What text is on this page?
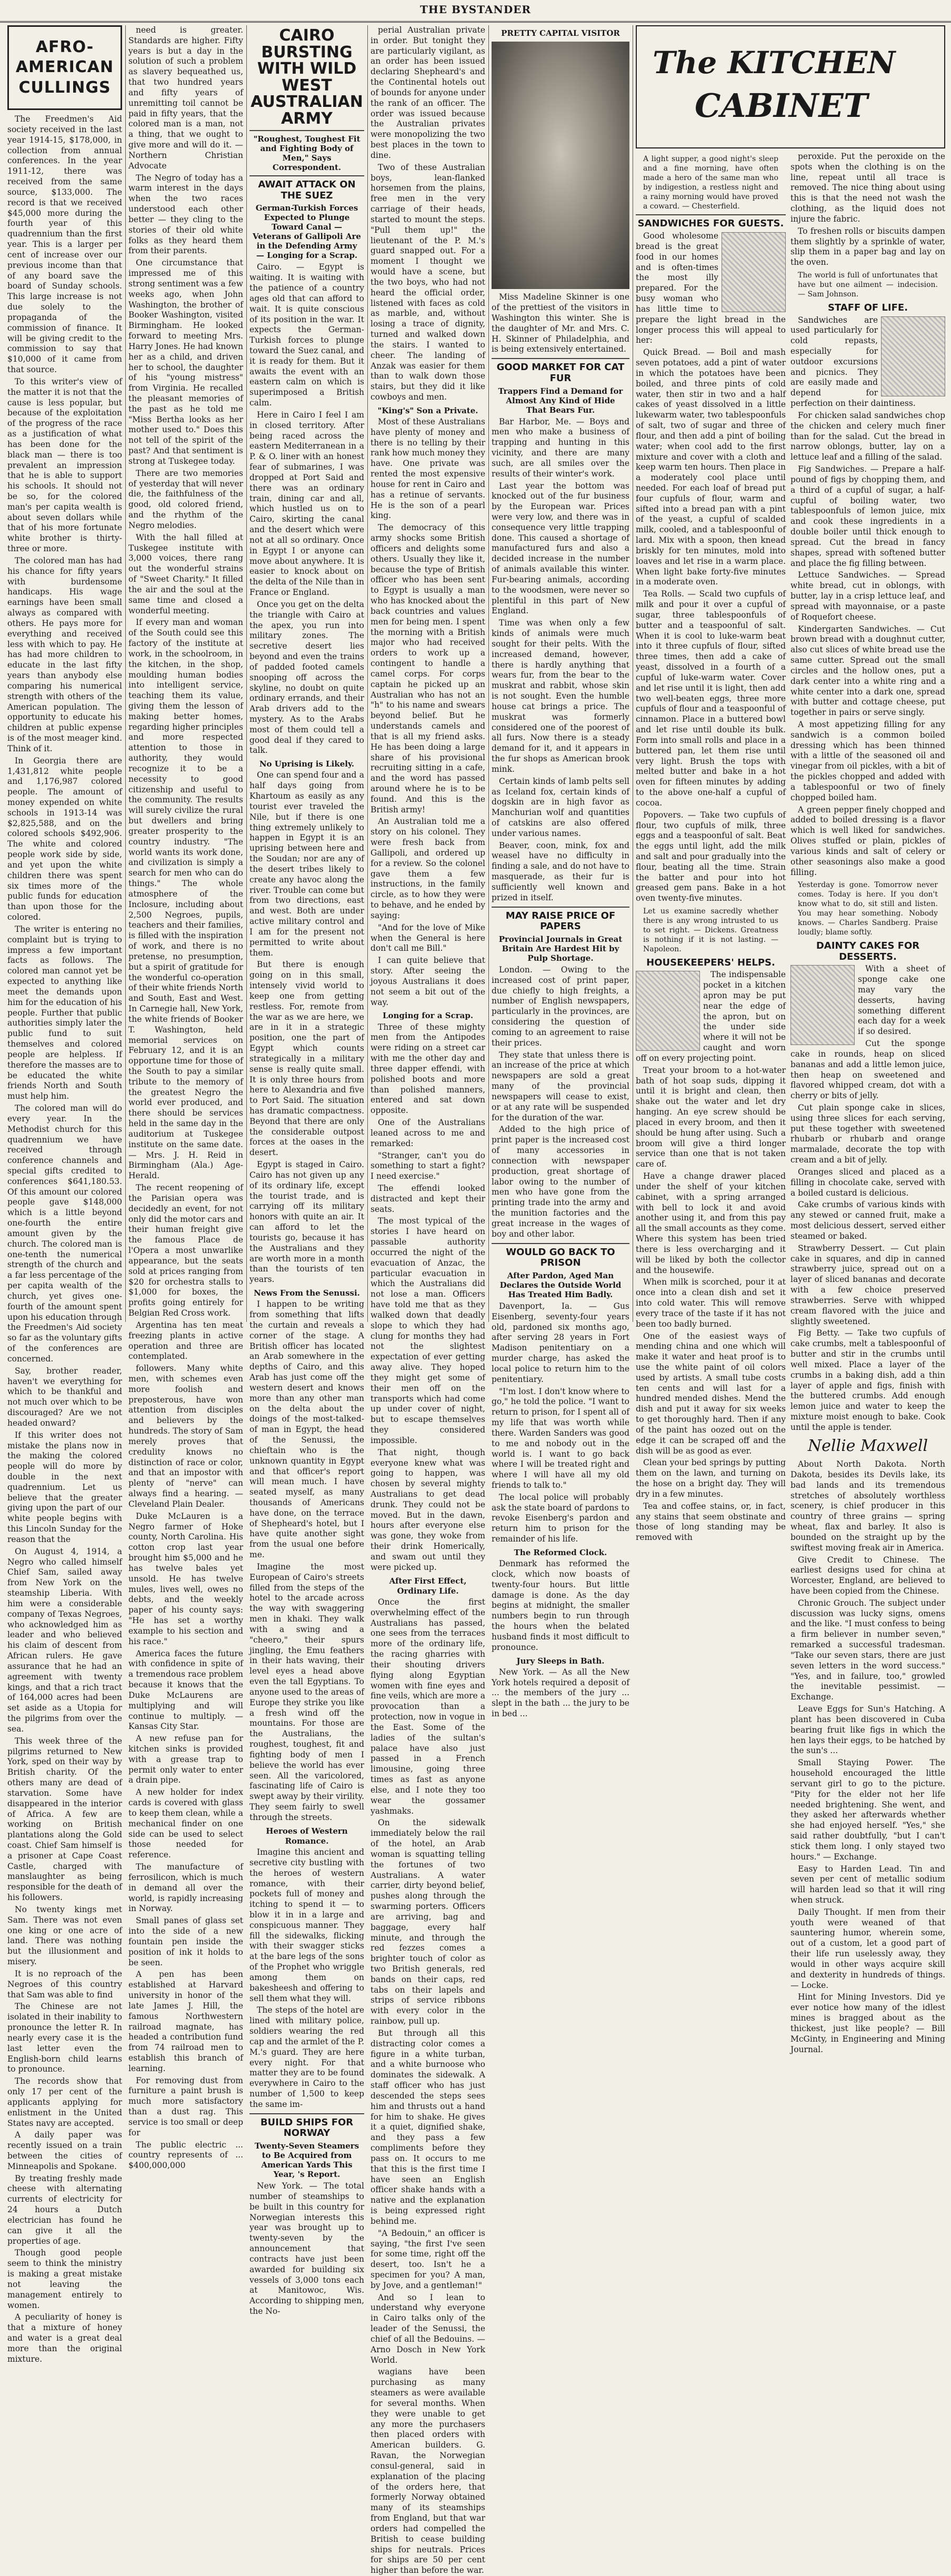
THE BYSTANDER
AFRO-AMERICAN CULLINGS

The Freedmen's Aid society received in the last year 1914-15, $178,000, in collection from annual conferences. In the year 1911-12, there was received from the same source, $133,000. The record is that we received $45,000 more during the fourth year of this quadrennium than the first year. This is a larger per cent of increase over our previous income than that of any board save the board of Sunday schools. This large increase is not due solely to the propaganda of the commission of finance. It will be giving credit to the commission to say that $10,000 of it came from that source.

To this writer's view of the matter it is not that the cause is less popular, but because of the exploitation of the progress of the race as a justification of what has been done for the black man — there is too prevalent an impression that he is able to support his schools. It should not be so, for the colored man's per capita wealth is about seven dollars while that of his more fortunate white brother is thirty-three or more.

The colored man has had his chance for fifty years with burdensome handicaps. His wage earnings have been small always as compared with others. He pays more for everything and received less with which to pay. He has had more children to educate in the last fifty years than anybody else comparing his numerical strength with others of the American population. The opportunity to educate his children at public expense is of the most meager kind. Think of it.

In Georgia there are 1,431,812 white people and 1,176,987 colored people. The amount of money expended on white schools in 1913-14 was $2,825,588, and on the colored schools $492,906. The white and colored people work side by side, and yet upon the white children there was spent six times more of the public funds for education than upon those for the colored.

The writer is entering no complaint but is trying to impress a few important facts as follows. The colored man cannot yet be expected to anything like meet the demands upon him for the education of his people. Further that public authorities simply later the public fund to suit themselves and colored people are helpless. If therefore the masses are to be educated the white friends North and South must help him.

The colored man will do every year. In the Methodist church for this quadrennium we have received through conference channels and special gifts credited to conferences $641,180.53. Of this amount our colored people gave $148,000 which is a little beyond one-fourth the entire amount given by the church. The colored man is one-tenth the numerical strength of the church and a far less percentage of the per capita wealth of the church, yet gives one-fourth of the amount spent upon his education through the Freedmen's Aid society so far as the voluntary gifts of the conferences are concerned.

Say, brother reader, haven't we everything for which to be thankful and not much over which to be discouraged? Are we not headed onward?

If this writer does not mistake the plans now in the making the colored people will do more by double in the next quadrennium. Let us believe that the greater giving upon the part of our white people begins with this Lincoln Sunday for the reason that the

On August 4, 1914, a Negro who called himself Chief Sam, sailed away from New York on the steamship Liberia. With him were a considerable company of Texas Negroes, who acknowledged him as leader and who believed his claim of descent from African rulers. He gave assurance that he had an agreement with twenty kings, and that a rich tract of 164,000 acres had been set aside as a Utopia for the pilgrims from over the sea.

This week three of the pilgrims returned to New York, sped on their way by British charity. Of the others many are dead of starvation. Some have disappeared in the interior of Africa. A few are working on British plantations along the Gold coast. Chief Sam himself is a prisoner at Cape Coast Castle, charged with manslaughter as being responsible for the death of his followers.

No twenty kings met Sam. There was not even one king or one acre of land. There was nothing but the illusionment and misery.

It is no reproach of the Negroes of this country that Sam was able to find

The Chinese are not isolated in their inability to pronounce the letter R. In nearly every case it is the last letter even the English-born child learns to pronounce.

The records show that only 17 per cent of the applicants applying for enlistment in the United States navy are accepted.

A daily paper was recently issued on a train between the cities of Minneapolis and Spokane.

By treating freshly made cheese with alternating currents of electricity for 24 hours a Dutch electrician has found he can give it all the properties of age.

Though good people seem to think the ministry is making a great mistake not leaving the management entirely to women.

A peculiarity of honey is that a mixture of honey and water is a great deal more than the original mixture.

need is greater. Standards are higher. Fifty years is but a day in the solution of such a problem as slavery bequeathed us, that two hundred years and fifty years of unremitting toil cannot be paid in fifty years, that the colored man is a man, not a thing, that we ought to give more and will do it. — Northern Christian Advocate

The Negro of today has a warm interest in the days when the two races understood each other better — they cling to the stories of their old white folks as they heard them from their parents.

One circumstance that impressed me of this strong sentiment was a few weeks ago, when John Washington, the brother of Booker Washington, visited Birmingham. He looked forward to meeting Mrs. Harry Jones. He had known her as a child, and driven her to school, the daughter of his "young mistress" from Virginia. He recalled the pleasant memories of the past as he told me "Miss Bertha looks as her mother used to." Does this not tell of the spirit of the past? And that sentiment is strong at Tuskegee today.

There are two memories of yesterday that will never die, the faithfulness of the good, old colored friend, and the rhythm of the Negro melodies.

With the hall filled at Tuskegee institute with 3,000 voices, there rang out the wonderful strains of "Sweet Charity." It filled the air and the soul at the same time and closed a wonderful meeting.

If every man and woman of the South could see this factory of the institute at work, in the schoolroom, in the kitchen, in the shop, moulding human bodies into intelligent service, teaching them its value, giving them the lesson of making better homes, regarding higher principles and more respected attention to those in authority, they would recognize it to be a necessity to good citizenship and useful to the community. The results will surely civilize the rural but dwellers and bring greater prosperity to the country industry. "The world wants its work done, and civilization is simply a search for men who can do things." The whole atmosphere of the Inclosure, including about 2,500 Negroes, pupils, teachers and their families, is filled with the inspiration of work, and there is no pretense, no presumption, but a spirit of gratitude for the wonderful co-operation of their white friends North and South, East and West. In Carnegie hall, New York, the white friends of Booker T. Washington, held memorial services on February 12, and it is an opportune time for those of the South to pay a similar tribute to the memory of the greatest Negro the world ever produced, and there should be services held in the same day in the auditorium at Tuskegee institute on the same date. — Mrs. J. H. Reid in Birmingham (Ala.) Age-Herald.

The recent reopening of the Parisian opera was decidedly an event, for not only did the motor cars and their human freight give the famous Place de l'Opera a most unwarlike appearance, but the seats sold at prices ranging from $20 for orchestra stalls to $1,000 for boxes, the profits going entirely for Belgian Red Cross work.

Argentina has ten meat freezing plants in active operation and three are contemplated.

followers. Many white men, with schemes even more foolish and preposterous, have won attention from disciples and believers by the hundreds. The story of Sam merely proves that credulity knows no distinction of race or color, and that an impostor with plenty of "nerve" can always find a hearing. — Cleveland Plain Dealer.

Duke McLauren is a Negro farmer of Hoke county, North Carolina. His cotton crop last year brought him $5,000 and he has twelve bales yet unsold. He has twelve mules, lives well, owes no debts, and the weekly paper of his county says: "He has set a worthy example to his section and his race."

America faces the future with confidence in spite of a tremendous race problem because it knows that the Duke McLaurens are multiplying and will continue to multiply. — Kansas City Star.

A new refuse pan for kitchen sinks is provided with a grease trap to permit only water to enter a drain pipe.

A new holder for index cards is covered with glass to keep them clean, while a mechanical finder on one side can be used to select those needed for reference.

The manufacture of ferrosilicon, which is much in demand all over the world, is rapidly increasing in Norway.

Small panes of glass set into the side of a new fountain pen inside the position of ink it holds to be seen.

A pen has been established at Harvard university in honor of the late James J. Hill, the famous Northwestern railroad magnate, has headed a contribution fund from 74 railroad men to establish this branch of learning.

For removing dust from furniture a paint brush is much more satisfactory than a dust rag. This service is too small or deep for

The public electric ... country represents of ... $400,000,000

CAIRO BURSTING WITH WILD WEST AUSTRALIAN ARMY
"Roughest, Toughest Fit and Fighting Body of Men," Says Correspondent.
AWAIT ATTACK ON THE SUEZ
German-Turkish Forces Expected to Plunge Toward Canal — Veterans of Gallipoli Are in the Defending Army — Longing for a Scrap.

Cairo. — Egypt is waiting. It is waiting with the patience of a country ages old that can afford to wait. It is quite conscious of its position in the war. It expects the German-Turkish forces to plunge toward the Suez canal, and it is ready for them. But it awaits the event with an eastern calm on which is superimposed a British calm.

Here in Cairo I feel I am in closed territory. After being raced across the eastern Mediterranean in a P. & O. liner with an honest fear of submarines, I was dropped at Port Said and there was an ordinary train, dining car and all, which hustled us on to Cairo, skirting the canal and the desert which were not at all so ordinary. Once in Egypt I or anyone can move about anywhere. It is easier to knock about on the delta of the Nile than in France or England.

Once you get on the delta the triangle with Cairo at the apex, you run into military zones. The secretive desert lies beyond and even the trains of padded footed camels snooping off across the skyline, no doubt on quite ordinary errands, and their Arab drivers add to the mystery. As to the Arabs most of them could tell a good deal if they cared to talk.

No Uprising is Likely.

One can spend four and a half days going from Khartoum as easily as any tourist ever traveled the Nile, but if there is one thing extremely unlikely to happen in Egypt it is an uprising between here and the Soudan; nor are any of the desert tribes likely to create any havoc along the river. Trouble can come but from two directions, east and west. Both are under active military control and I am for the present not permitted to write about them.

But there is enough going on in this small, intensely vivid world to keep one from getting restless. For, remote from the war as we are here, we are in it in a strategic position, one the part of Egypt which counts strategically in a military sense is really quite small. It is only three hours from here to Alexandria and five to Port Said. The situation has dramatic compactness. Beyond that there are only the considerable outpost forces at the oases in the desert.

Egypt is staged in Cairo. Cairo has not given up any of its ordinary life, except the tourist trade, and is carrying off its military honors with quite an air. It can afford to let the tourists go, because it has the Australians and they are worth more in a month than the tourists of ten years.

News From the Senussi.

I happen to be writing from something that lifts the curtain and reveals a corner of the stage. A British officer has located an Arab somewhere in the depths of Cairo, and this Arab has just come off the western desert and knows more than any other man on the delta about the doings of the most-talked-of man in Egypt, the head of the Senussi, the chieftain who is the unknown quantity in Egypt and that officer's report will mean much. I have seated myself, as many thousands of Americans have done, on the terrace of Shepheard's hotel, but I have quite another sight from the usual one before me.

Imagine the most European of Cairo's streets filled from the steps of the hotel to the arcade across the way with swaggering men in khaki. They walk with a swing and a "cheero," their spurs jingling, the Emu feathers in their hats waving, their level eyes a head above even the tall Egyptians. To anyone used to the areas of Europe they strike you like a fresh wind off the mountains. For those are the Australians, the roughest, toughest, fit and fighting body of men I believe the world has ever seen. All the varicolored, fascinating life of Cairo is swept away by their virility. They seem fairly to swell through the streets.

Heroes of Western Romance.

Imagine this ancient and secretive city bustling with the heroes of western romance, with their pockets full of money and itching to spend it — to blow it in in a large and conspicuous manner. They fill the sidewalks, flicking with their swagger sticks at the bare legs of the sons of the Prophet who wriggle among them on bakesheesh and offering to sell them what they will.

The steps of the hotel are lined with military police, soldiers wearing the red cap and the armlet of the P. M.'s guard. They are here every night. For that matter they are to be found everywhere in Cairo to the number of 1,500 to keep the same im-

BUILD SHIPS FOR NORWAY
Twenty-Seven Steamers to Be Acquired from American Yards This Year, 's Report.

New York. — The total number of steamships to be built in this country for Norwegian interests this year was brought up to twenty-seven by the announcement that contracts have just been awarded for building six vessels of 3,000 tons each at Manitowoc, Wis. According to shipping men, the No-

perial Australian private in order. But tonight they are particularly vigilant, as an order has been issued declaring Shepheard's and the Continental hotels out of bounds for anyone under the rank of an officer. The order was issued because the Australian privates were monopolizing the two best places in the town to dine.

Two of these Australian boys, lean-flanked horsemen from the plains, free men in the very carriage of their heads, started to mount the steps. "Pull them up!" the lieutenant of the P. M.'s guard snapped out. For a moment I thought we would have a scene, but the two boys, who had not heard the official order, listened with faces as cold as marble, and, without losing a trace of dignity, turned and walked down the stairs. I wanted to cheer. The landing of Anzak was easier for them than to walk down those stairs, but they did it like cowboys and men.

"King's" Son a Private.

Most of these Australians have plenty of money and there is no telling by their rank how much money they have. One private was rented the most expensive house for rent in Cairo and has a retinue of servants. He is the son of a pearl king.

The democracy of this army shocks some British officers and delights some others. Usually they like it, because the type of British officer who has been sent to Egypt is usually a man who has knocked about the back countries and values men for being men. I spent the morning with a British major who had received orders to work up a contingent to handle a camel corps. For corps captain he picked up an Australian who has not an "h" to his name and swears beyond belief. But he understands camels and that is all my friend asks. He has been doing a large share of his provisional recruiting sitting in a cafe, and the word has passed around where he is to be found. And this is the British army!

An Australian told me a story on his colonel. They were fresh back from Gallipoli, and ordered up for a review. So the colonel gave them a few instructions, in the family circle, as to how they were to behave, and he ended by saying:

"And for the love of Mike when the General is here don't call me Bill."

I can quite believe that story. After seeing the joyous Australians it does not seem a bit out of the way.

Longing for a Scrap.

Three of these mighty men from the Antipodes were riding on a street car with me the other day and three dapper effendi, with polished boots and more than polished manners, entered and sat down opposite.

One of the Australians leaned across to me and remarked:

"Stranger, can't you do something to start a fight? I need exercise."

The effendi looked distracted and kept their seats.

The most typical of the stories I have heard on passable authority occurred the night of the evacuation of Anzac, the particular evacuation in which the Australians did not lose a man. Officers have told me that as they walked down that deadly slope to which they had clung for months they had not the slightest expectation of ever getting away alive. They hoped they might get some of their men off on the transports which had come up under cover of night, but to escape themselves they considered impossible.

That night, though everyone knew what was going to happen, was chosen by several mighty Australians to get dead drunk. They could not be moved. But in the dawn, hours after everyone else was gone, they woke from their drink Homerically, and swam out until they were picked up.

After First Effect, Ordinary Life.

Once the first overwhelming effect of the Australians has passed, one sees from the terraces more of the ordinary life, the racing gharries with their shouting drivers flying along Egyptian women with fine eyes and fine veils, which are more a provocation than a protection, now in vogue in the East. Some of the ladies of the sultan's palace have also just passed in a French limousine, going three times as fast as anyone else, and I note they too wear the gossamer yashmaks.

On the sidewalk immediately below the rail of the hotel, an Arab woman is squatting telling the fortunes of two Australians. A water carrier, dirty beyond belief, pushes along through the swarming porters. Officers are arriving, bag and baggage, every half minute, and through the red fezzes comes a brighter touch of color as two British generals, red bands on their caps, red tabs on their lapels and strips of service ribbons with every color in the rainbow, pull up.

But through all this distracting color comes a figure in a white turban, and a white burnoose who dominates the sidewalk. A staff officer who has just descended the steps sees him and thrusts out a hand for him to shake. He gives it a quiet, dignified shake, and they pass a few compliments before they pass on. It occurs to me that this is the first time I have seen an English officer shake hands with a native and the explanation is being expressed right behind me.

"A Bedouin," an officer is saying, "the first I've seen for some time, right off the desert, too. Isn't he a specimen for you? A man, by Jove, and a gentleman!"

And so I lean to understand why everyone in Cairo talks only of the leader of the Senussi, the chief of all the Bedouins. — Arno Dosch in New York World.

wagians have been purchasing as many steamers as were available for several months. When they were unable to get any more the purchasers then placed orders with American builders. G. Ravan, the Norwegian consul-general, said in explanation of the placing of the orders here, that formerly Norway obtained many of its steamships from England, but that war orders had compelled the British to cease building ships for neutrals. Prices for ships are 50 per cent higher than before the war.

PRETTY CAPITAL VISITOR

Miss Madeline Skinner is one of the prettiest of the visitors in Washington this winter. She is the daughter of Mr. and Mrs. C. H. Skinner of Philadelphia, and is being extensively entertained.

GOOD MARKET FOR CAT FUR
Trappers Find a Demand for Almost Any Kind of Hide That Bears Fur.

Bar Harbor, Me. — Boys and men who make a business of trapping and hunting in this vicinity, and there are many such, are all smiles over the results of their winter's work.

Last year the bottom was knocked out of the fur business by the European war. Prices were very low, and there was in consequence very little trapping done. This caused a shortage of manufactured furs and also a decided increase in the number of animals available this winter. Fur-bearing animals, according to the woodsmen, were never so plentiful in this part of New England.

Time was when only a few kinds of animals were much sought for their pelts. With the increased demand, however, there is hardly anything that wears fur, from the bear to the muskrat and rabbit, whose skin is not sought. Even the humble house cat brings a price. The muskrat was formerly considered one of the poorest of all furs. Now there is a steady demand for it, and it appears in the fur shops as American brook mink.

Certain kinds of lamb pelts sell as Iceland fox, certain kinds of dogskin are in high favor as Manchurian wolf and quantities of catskins are also offered under various names.

Beaver, coon, mink, fox and weasel have no difficulty in finding a sale, and do not have to masquerade, as their fur is sufficiently well known and prized in itself.

MAY RAISE PRICE OF PAPERS
Provincial Journals in Great Britain Are Hardest Hit by Pulp Shortage.

London. — Owing to the increased cost of print paper, due chiefly to high freights, a number of English newspapers, particularly in the provinces, are considering the question of coming to an agreement to raise their prices.

They state that unless there is an increase of the price at which newspapers are sold a great many of the provincial newspapers will cease to exist, or at any rate will be suspended for the duration of the war.

Added to the high price of print paper is the increased cost of many accessories in connection with newspaper production, great shortage of labor owing to the number of men who have gone from the printing trade into the army and the munition factories and the great increase in the wages of boy and other labor.

WOULD GO BACK TO PRISON
After Pardon, Aged Man Declares the Outside World Has Treated Him Badly.

Davenport, Ia. — Gus Eisenberg, seventy-four years old, pardoned six months ago, after serving 28 years in Fort Madison penitentiary on a murder charge, has asked the local police to return him to the penitentiary.

"I'm lost. I don't know where to go," he told the police. "I want to return to prison, for I spent all of my life that was worth while there. Warden Sanders was good to me and nobody out in the world is. I want to go back where I will be treated right and where I will have all my old friends to talk to."

The local police will probably ask the state board of pardons to revoke Eisenberg's pardon and return him to prison for the remainder of his life.

The Reformed Clock.

Denmark has reformed the clock, which now boasts of twenty-four hours. But little damage is done. As the day begins at midnight, the smaller numbers begin to run through the hours when the belated husband finds it most difficult to pronounce.

Jury Sleeps in Bath.

New York. — As all the New York hotels required a deposit of ... the members of the jury ... slept in the bath ... the jury to be in bed ...

The KITCHEN
CABINET

A light supper, a good night's sleep and a fine morning, have often made a hero of the same man who by indigestion, a restless night and a rainy morning would have proved a coward. — Chesterfield.

SANDWICHES FOR GUESTS.

Good wholesome bread is the great food in our homes and is often-times the most illy prepared. For the busy woman who has little time to prepare the light bread in the longer process this will appeal to her:

Quick Bread. — Boil and mash seven potatoes, add a pint of water in which the potatoes have been boiled, and three pints of cold water, then stir in two and a half cakes of yeast dissolved in a little lukewarm water, two tablespoonfuls of salt, two of sugar and three of flour, and then add a pint of boiling water; when cool add to the first mixture and cover with a cloth and keep warm ten hours. Then place in a moderately cool place until needed. For each loaf of bread put four cupfuls of flour, warm and sifted into a bread pan with a pint of the yeast, a cupful of scalded milk, cooled, and a tablespoonful of lard. Mix with a spoon, then knead briskly for ten minutes, mold into loaves and let rise in a warm place. When light bake forty-five minutes in a moderate oven.

Tea Rolls. — Scald two cupfuls of milk and pour it over a cupful of sugar, three tablespoonfuls of butter and a teaspoonful of salt. When it is cool to luke-warm beat into it three cupfuls of flour, sifted three times, then add a cake of yeast, dissolved in a fourth of a cupful of luke-warm water. Cover and let rise until it is light, then add two well-beaten eggs, three more cupfuls of flour and a teaspoonful of cinnamon. Place in a buttered bowl and let rise until double its bulk. Form into small rolls and place in a buttered pan, let them rise until very light. Brush the tops with melted butter and bake in a hot oven for fifteen minutes by adding to the above one-half a cupful of cocoa.

Popovers. — Take two cupfuls of flour, two cupfuls of milk, three eggs and a teaspoonful of salt. Beat the eggs until light, add the milk and salt and pour gradually into the flour, beating all the time. Strain the batter and pour into hot greased gem pans. Bake in a hot oven twenty-five minutes.

Let us examine sacredly whether there is any wrong intrusted to us to set right. — Dickens. Greatness is nothing if it is not lasting. — Napoleon.

HOUSEKEEPERS' HELPS.

The indispensable pocket in a kitchen apron may be put near the edge of the apron, but on the under side where it will not be caught and worn off on every projecting point.

Treat your broom to a hot-water bath of hot soap suds, dipping it until it is bright and clean, then shake out the water and let dry hanging. An eye screw should be placed in every broom, and then it should be hung after using. Such a broom will give a third longer service than one that is not taken care of.

Have a change drawer placed under the shelf of your kitchen cabinet, with a spring arranged with bell to lock it and avoid another using it, and from this pay all the small accounts as they come. Where this system has been tried there is less overcharging and it will be liked by both the collector and the housewife.

When milk is scorched, pour it at once into a clean dish and set it into cold water. This will remove every trace of the taste if it has not been too badly burned.

One of the easiest ways of mending china and one which will make it water and heat proof is to use the white paint of oil colors used by artists. A small tube costs ten cents and will last for a hundred mended dishes. Mend the dish and put it away for six weeks to get thoroughly hard. Then if any of the paint has oozed out on the edge it can be scraped off and the dish will be as good as ever.

Clean your bed springs by putting them on the lawn, and turning on the hose on a bright day. They will dry in a few minutes.

Tea and coffee stains, or, in fact, any stains that seem obstinate and those of long standing may be removed with

peroxide. Put the peroxide on the spots when the clothing is on the line, repeat until all trace is removed. The nice thing about using this is that the need not wash the clothing, as the liquid does not injure the fabric.

To freshen rolls or biscuits dampen them slightly by a sprinkle of water, slip them in a paper bag and lay on the oven.

The world is full of unfortunates that have but one ailment — indecision. — Sam Johnson.

STAFF OF LIFE.

Sandwiches are used particularly for cold repasts, especially for outdoor excursions and picnics. They are easily made and depend for perfection on their daintiness.

For chicken salad sandwiches chop the chicken and celery much finer than for the salad. Cut the bread in narrow oblongs, butter, lay on a lettuce leaf and a filling of the salad.

Fig Sandwiches. — Prepare a half-pound of figs by chopping them, and a third of a cupful of sugar, a half-cupful of boiling water, two tablespoonfuls of lemon juice, mix and cook these ingredients in a double boiler until thick enough to spread. Cut the bread in fancy shapes, spread with softened butter and place the fig filling between.

Lettuce Sandwiches. — Spread white bread, cut in oblongs, with butter, lay in a crisp lettuce leaf, and spread with mayonnaise, or a paste of Roquefort cheese.

Kindergarten Sandwiches. — Cut brown bread with a doughnut cutter, also cut slices of white bread use the same cutter. Spread out the small circles and the hollow ones, put a dark center into a white ring and a white center into a dark one, spread with butter and cottage cheese, put together in pairs or serve singly.

A most appetizing filling for any sandwich is a common boiled dressing which has been thinned with a little of the seasoned oil and vinegar from oil pickles, with a bit of the pickles chopped and added with a tablespoonful or two of finely chopped boiled ham.

A green pepper finely chopped and added to boiled dressing is a flavor which is well liked for sandwiches. Olives stuffed or plain, pickles of various kinds and salt of celery or other seasonings also make a good filling.

Yesterday is gone. Tomorrow never comes. Today is here. If you don't know what to do, sit still and listen. You may hear something. Nobody knows. — Charles Sandberg. Praise loudly; blame softly.

DAINTY CAKES FOR DESSERTS.

With a sheet of sponge cake one may vary the desserts, having something different each day for a week if so desired.

Cut the sponge cake in rounds, heap on sliced bananas and add a little lemon juice, then heap on sweetened and flavored whipped cream, dot with a cherry or bits of jelly.

Cut plain sponge cake in slices, using three slices for each serving, put these together with sweetened rhubarb or rhubarb and orange marmalade, decorate the top with cream and a bit of jelly.

Oranges sliced and placed as a filling in chocolate cake, served with a boiled custard is delicious.

Cake crumbs of various kinds with any stewed or canned fruit, make a most delicious dessert, served either steamed or baked.

Strawberry Dessert. — Cut plain cake in squares, and dip in canned strawberry juice, spread out on a layer of sliced bananas and decorate with a few choice preserved strawberries. Serve with whipped cream flavored with the juice and slightly sweetened.

Fig Betty. — Take two cupfuls of cake crumbs, melt a tablespoonful of butter and stir in the crumbs until well mixed. Place a layer of the crumbs in a baking dish, add a thin layer of apple and figs, finish with the buttered crumbs. Add enough lemon juice and water to keep the mixture moist enough to bake. Cook until the apple is tender.

Nellie Maxwell

About North Dakota. North Dakota, besides its Devils lake, its bad lands and its tremendous stretches of absolutely worthless scenery, is chief producer in this country of three grains — spring wheat, flax and barley. It also is bounded on the straight up by the swiftest moving freak air in America.

Give Credit to Chinese. The earliest designs used for china at Worcester, England, are believed to have been copied from the Chinese.

Chronic Grouch. The subject under discussion was lucky signs, omens and the like. "I must confess to being a firm believer in number seven," remarked a successful tradesman. "Take our seven stars, there are just seven letters in the word success." "Yes, and in failure, too," growled the inevitable pessimist. — Exchange.

Leave Eggs for Sun's Hatching. A plant has been discovered in Cuba bearing fruit like figs in which the hen lays their eggs, to be hatched by the sun's ...

Small Staying Power. The household encouraged the little servant girl to go to the picture. "Pity for the elder not her life needed brightening. She went, and they asked her afterwards whether she had enjoyed herself. "Yes," she said rather doubtfully, "but I can't stick them long. I only stayed two hours." — Exchange.

Easy to Harden Lead. Tin and seven per cent of metallic sodium will harden lead so that it will ring when struck.

Daily Thought. If men from their youth were weaned of that sauntering humor, wherein some, out of a custom, let a good part of their life run uselessly away, they would in other ways acquire skill and dexterity in hundreds of things. — Locke.

Hint for Mining Investors. Did ye ever notice how many of the idlest mines is bragged about as the thickest, just like people? — Bill McGinty, in Engineering and Mining Journal.
